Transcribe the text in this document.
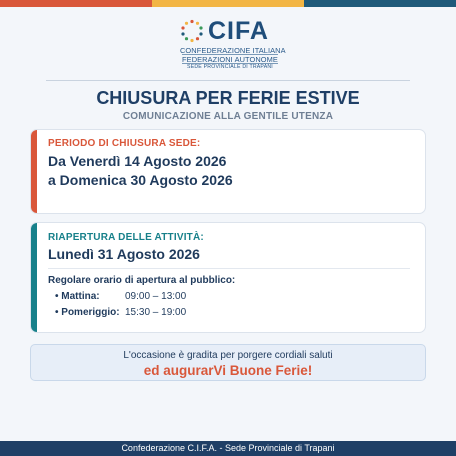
CIFA
CONFEDERAZIONE ITALIANA
FEDERAZIONI AUTONOME
SEDE PROVINCIALE DI TRAPANI
CHIUSURA PER FERIE ESTIVE
COMUNICAZIONE ALLA GENTILE UTENZA
PERIODO DI CHIUSURA SEDE:
Da Venerdì 14 Agosto 2026
a Domenica 30 Agosto 2026
RIAPERTURA DELLE ATTIVITÀ:
Lunedì 31 Agosto 2026
Regolare orario di apertura al pubblico:
• Mattina:	09:00 – 13:00
• Pomeriggio: 15:30 – 19:00
L'occasione è gradita per porgere cordiali saluti
ed augurarVi Buone Ferie!
Confederazione C.I.F.A. - Sede Provinciale di Trapani
